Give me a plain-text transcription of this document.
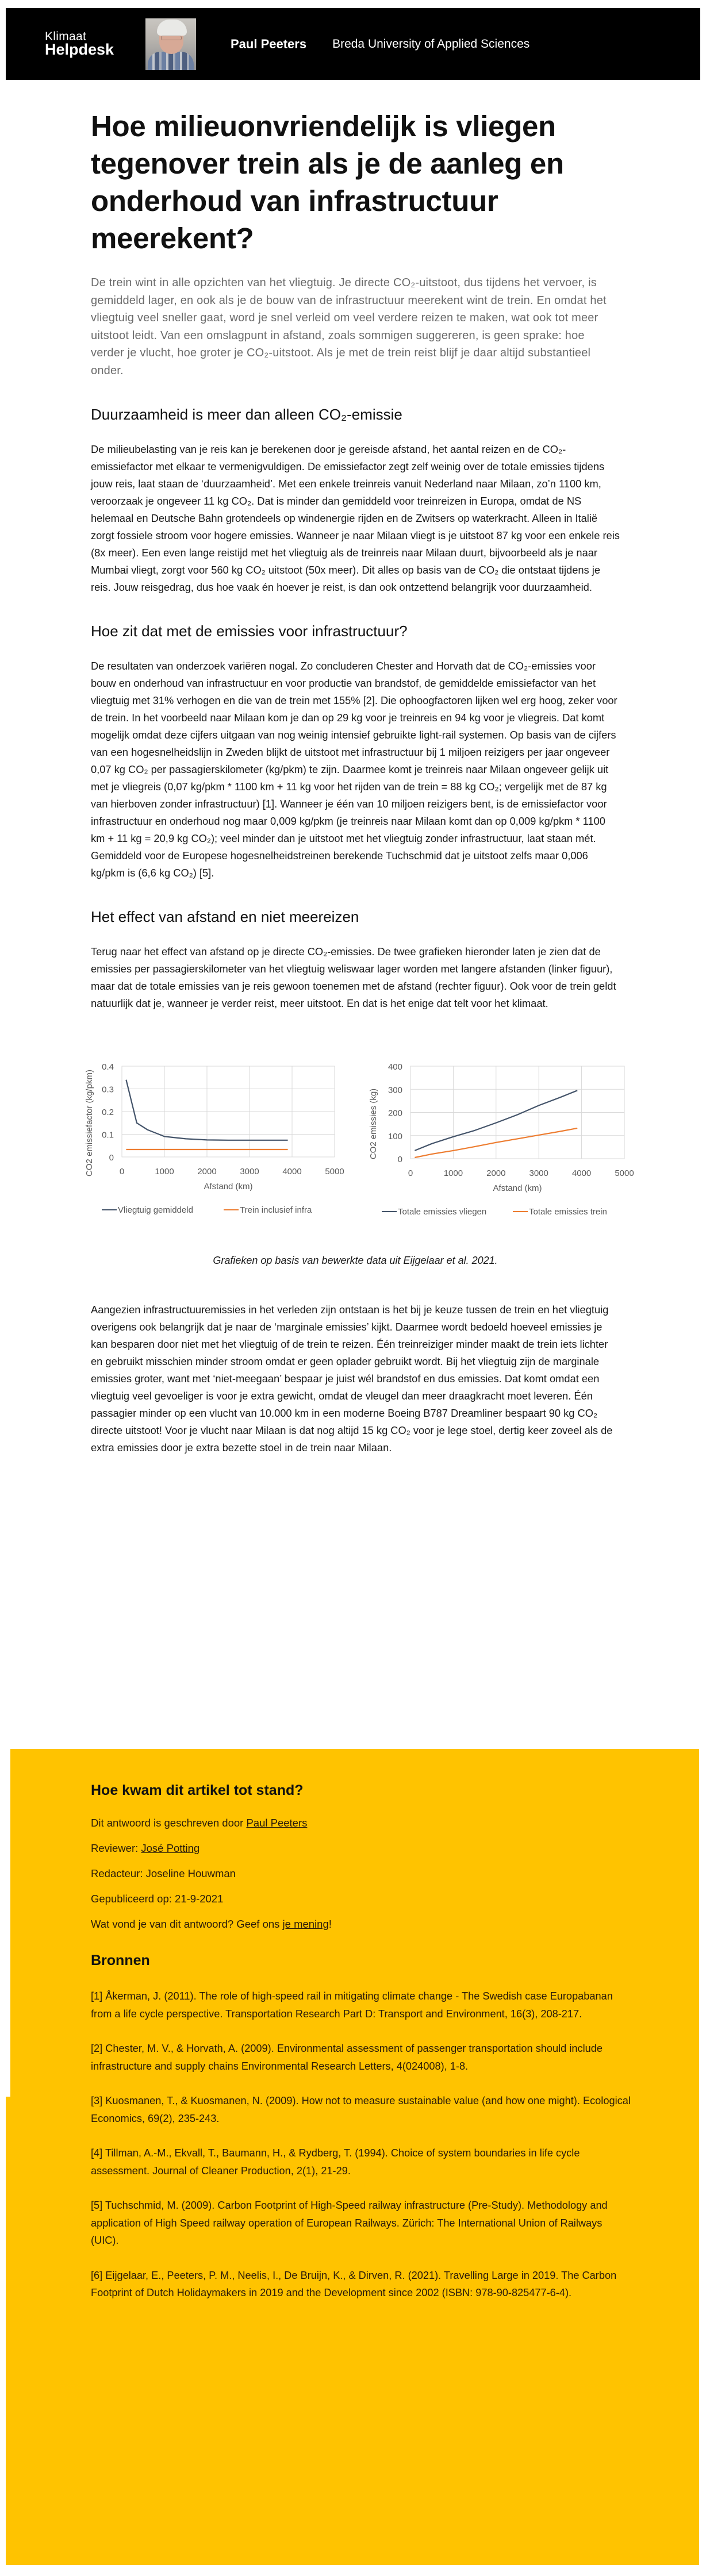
Klimaat
Helpdesk	Paul Peeters Breda University of Applied Sciences
Hoe milieuonvriendelijk is vliegen tegenover trein als je de aanleg en onderhoud van infrastructuur meerekent?

De trein wint in alle opzichten van het vliegtuig. Je directe CO₂-uitstoot, dus tijdens het vervoer, is gemiddeld lager, en ook als je de bouw van de infrastructuur meerekent wint de trein. En omdat het vliegtuig veel sneller gaat, word je snel verleid om veel verdere reizen te maken, wat ook tot meer uitstoot leidt. Van een omslagpunt in afstand, zoals sommigen suggereren, is geen sprake: hoe verder je vlucht, hoe groter je CO₂-uitstoot. Als je met de trein reist blijf je daar altijd substantieel onder.

Duurzaamheid is meer dan alleen CO₂-emissie

De milieubelasting van je reis kan je berekenen door je gereisde afstand, het aantal reizen en de CO₂-emissiefactor met elkaar te vermenigvuldigen. De emissiefactor zegt zelf weinig over de totale emissies tijdens jouw reis, laat staan de ‘duurzaamheid’. Met een enkele treinreis vanuit Nederland naar Milaan, zo’n 1100 km, veroorzaak je ongeveer 11 kg CO₂. Dat is minder dan gemiddeld voor treinreizen in Europa, omdat de NS helemaal en Deutsche Bahn grotendeels op windenergie rijden en de Zwitsers op waterkracht. Alleen in Italië zorgt fossiele stroom voor hogere emissies. Wanneer je naar Milaan vliegt is je uitstoot 87 kg voor een enkele reis (8x meer). Een even lange reistijd met het vliegtuig als de treinreis naar Milaan duurt, bijvoorbeeld als je naar Mumbai vliegt, zorgt voor 560 kg CO₂ uitstoot (50x meer). Dit alles op basis van de CO₂ die ontstaat tijdens je reis. Jouw reisgedrag, dus hoe vaak én hoever je reist, is dan ook ontzettend belangrijk voor duurzaamheid.

Hoe zit dat met de emissies voor infrastructuur?

De resultaten van onderzoek variëren nogal. Zo concluderen Chester and Horvath dat de CO₂-emissies voor bouw en onderhoud van infrastructuur en voor productie van brandstof, de gemiddelde emissiefactor van het vliegtuig met 31% verhogen en die van de trein met 155% [2]. Die ophoogfactoren lijken wel erg hoog, zeker voor de trein. In het voorbeeld naar Milaan kom je dan op 29 kg voor je treinreis en 94 kg voor je vliegreis. Dat komt mogelijk omdat deze cijfers uitgaan van nog weinig intensief gebruikte light-rail systemen. Op basis van de cijfers van een hogesnelheidslijn in Zweden blijkt de uitstoot met infrastructuur bij 1 miljoen reizigers per jaar ongeveer 0,07 kg CO₂ per passagierskilometer (kg/pkm) te zijn. Daarmee komt je treinreis naar Milaan ongeveer gelijk uit met je vliegreis (0,07 kg/pkm * 1100 km + 11 kg voor het rijden van de trein = 88 kg CO₂; vergelijk met de 87 kg van hierboven zonder infrastructuur) [1]. Wanneer je één van 10 miljoen reizigers bent, is de emissiefactor voor infrastructuur en onderhoud nog maar 0,009 kg/pkm (je treinreis naar Milaan komt dan op 0,009 kg/pkm * 1100 km + 11 kg = 20,9 kg CO₂); veel minder dan je uitstoot met het vliegtuig zonder infrastructuur, laat staan mét. Gemiddeld voor de Europese hogesnelheidstreinen berekende Tuchschmid dat je uitstoot zelfs maar 0,006 kg/pkm is (6,6 kg CO₂) [5].

Het effect van afstand en niet meereizen

Terug naar het effect van afstand op je directe CO₂-emissies. De twee grafieken hieronder laten je zien dat de emissies per passagierskilometer van het vliegtuig weliswaar lager worden met langere afstanden (linker figuur), maar dat de totale emissies van je reis gewoon toenemen met de afstand (rechter figuur). Ook voor de trein geldt natuurlijk dat je, wanneer je verder reist, meer uitstoot. En dat is het enige dat telt voor het klimaat.

0	1000	2000	3000	4000	5000
0
0.1
0.2
0.3
0.4
Afstand (km)
CO2 emissiefactor (kg/pkm)
Vliegtuig gemiddeld	Trein inclusief infra
0	1000	2000	3000	4000	5000
0
100
200
300
400
Afstand (km)
CO2 emissies (kg)
Totale emissies vliegen	Totale emissies trein

Grafieken op basis van bewerkte data uit Eijgelaar et al. 2021.

Aangezien infrastructuuremissies in het verleden zijn ontstaan is het bij je keuze tussen de trein en het vliegtuig overigens ook belangrijk dat je naar de ‘marginale emissies’ kijkt. Daarmee wordt bedoeld hoeveel emissies je kan besparen door niet met het vliegtuig of de trein te reizen. Één treinreiziger minder maakt de trein iets lichter en gebruikt misschien minder stroom omdat er geen oplader gebruikt wordt. Bij het vliegtuig zijn de marginale emissies groter, want met ‘niet-meegaan’ bespaar je juist wél brandstof en dus emissies. Dat komt omdat een vliegtuig veel gevoeliger is voor je extra gewicht, omdat de vleugel dan meer draagkracht moet leveren. Één passagier minder op een vlucht van 10.000 km in een moderne Boeing B787 Dreamliner bespaart 90 kg CO₂ directe uitstoot! Voor je vlucht naar Milaan is dat nog altijd 15 kg CO₂ voor je lege stoel, dertig keer zoveel als de extra emissies door je extra bezette stoel in de trein naar Milaan.

Hoe kwam dit artikel tot stand?

Dit antwoord is geschreven door Paul Peeters

Reviewer: José Potting

Redacteur: Joseline Houwman

Gepubliceerd op: 21-9-2021

Wat vond je van dit antwoord? Geef ons je mening!

Bronnen

[1] Åkerman, J. (2011). The role of high-speed rail in mitigating climate change - The Swedish case Europabanan from a life cycle perspective. Transportation Research Part D: Transport and Environment, 16(3), 208-217.

[2] Chester, M. V., & Horvath, A. (2009). Environmental assessment of passenger transportation should include infrastructure and supply chains Environmental Research Letters, 4(024008), 1-8.

[3] Kuosmanen, T., & Kuosmanen, N. (2009). How not to measure sustainable value (and how one might). Ecological Economics, 69(2), 235-243.

[4] Tillman, A.-M., Ekvall, T., Baumann, H., & Rydberg, T. (1994). Choice of system boundaries in life cycle assessment. Journal of Cleaner Production, 2(1), 21-29.

[5] Tuchschmid, M. (2009). Carbon Footprint of High-Speed railway infrastructure (Pre-Study). Methodology and application of High Speed railway operation of European Railways. Zürich: The International Union of Railways (UIC).

[6] Eijgelaar, E., Peeters, P. M., Neelis, I., De Bruijn, K., & Dirven, R. (2021). Travelling Large in 2019. The Carbon Footprint of Dutch Holidaymakers in 2019 and the Development since 2002 (ISBN: 978-90-825477-6-4).
